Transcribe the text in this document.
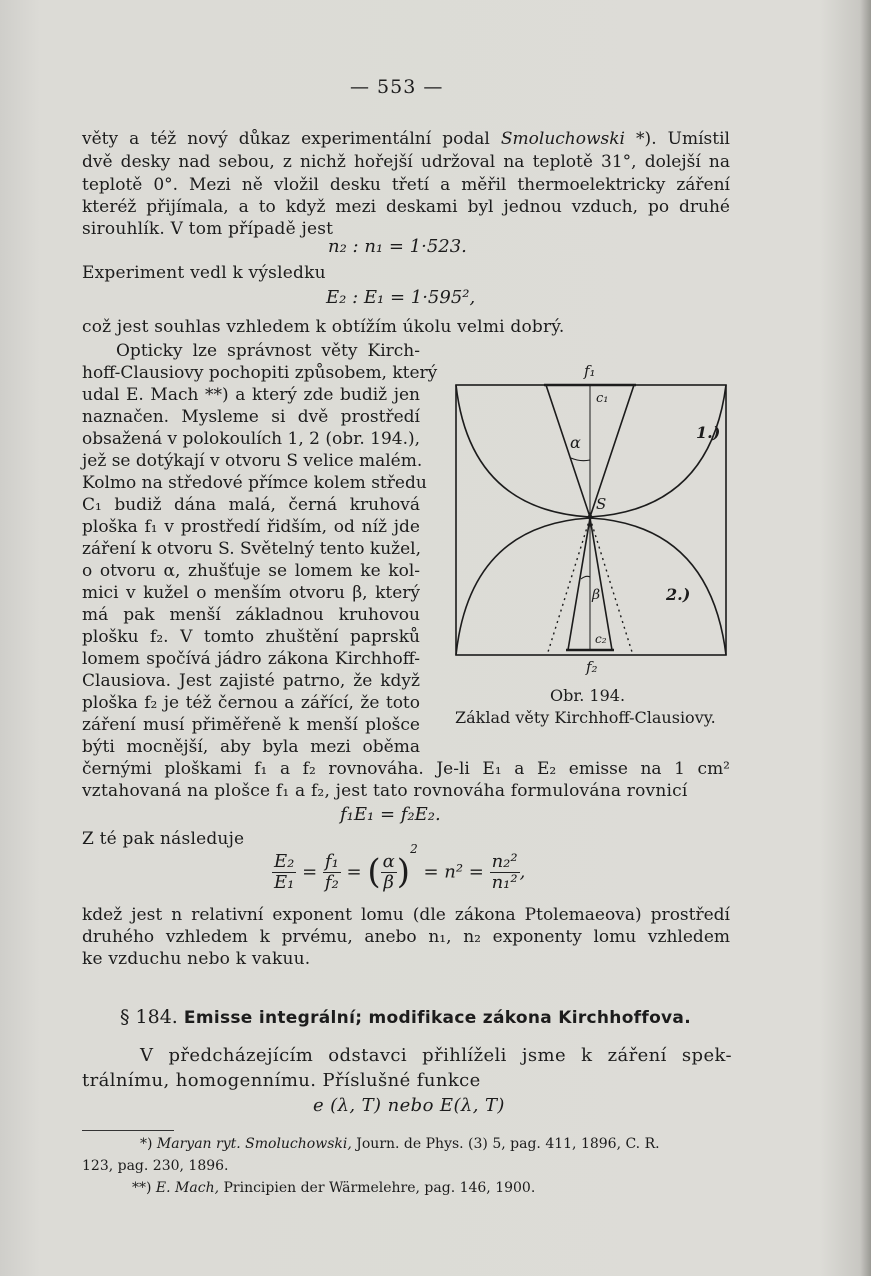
— 553 —
věty a též nový důkaz experimentální podal Smoluchowski *). Umístil
dvě desky nad sebou, z nichž hořejší udržoval na teplotě 31°, dolejší na
teplotě 0°. Mezi ně vložil desku třetí a měřil thermoelektricky záření
kteréž přijímala, a to když mezi deskami byl jednou vzduch, po druhé
sirouhlík. V tom případě jest
n₂ : n₁ = 1·523.
Experiment vedl k výsledku
E₂ : E₁ = 1·595²,
což jest souhlas vzhledem k obtížím úkolu velmi dobrý.
Opticky lze správnost věty Kirch-
hoff-Clausiovy pochopiti způsobem, který
udal E. Mach **) a který zde budiž jen
naznačen. Mysleme si dvě prostředí
obsažená v polokoulích 1, 2 (obr. 194.),
jež se dotýkají v otvoru S velice malém.
Kolmo na středové přímce kolem středu
C₁ budiž dána malá, černá kruhová
ploška f₁ v prostředí řidším, od níž jde
záření k otvoru S. Světelný tento kužel,
o otvoru α, zhušťuje se lomem ke kol-
mici v kužel o menším otvoru β, který
má pak menší základnou kruhovou
plošku f₂. V tomto zhuštění paprsků
lomem spočívá jádro zákona Kirchhoff-
Clausiova. Jest zajisté patrno, že když
ploška f₂ je též černou a zářící, že toto
záření musí přiměřeně k menší plošce
býti mocnější, aby byla mezi oběma
f₁
c₁
α
1.)
S
β	2.)
c₂
f₂
Obr. 194.
Základ věty Kirchhoff-Clausiovy.
černými ploškami f₁ a f₂ rovnováha. Je-li E₁ a E₂ emisse na 1 cm²
vztahovaná na plošce f₁ a f₂, jest tato rovnováha formulována rovnicí
f₁E₁ = f₂E₂.
Z té pak následuje
$\frac{\text{E₂}}{\text{E₁}} = \frac{\text{f₁}}{\text{f₂}}$ = ( $\frac{\alpha}{\beta} )^2 = n^2 = \frac{\text{n₂²}}{\text{n₁²}}$ ,
kdež jest n relativní exponent lomu (dle zákona Ptolemaeova) prostředí
druhého vzhledem k prvému, anebo n₁, n₂ exponenty lomu vzhledem
ke vzduchu nebo k vakuu.
§ 184. Emisse integrální; modifikace zákona Kirchhoffova.
V předcházejícím odstavci přihlíželi jsme k záření spek-
trálnímu, homogennímu. Příslušné funkce
e (λ, T) nebo E(λ, T)
*) Maryan ryt. Smoluchowski, Journ. de Phys. (3) 5, pag. 411, 1896, C. R.
123, pag. 230, 1896.
**) E. Mach, Principien der Wärmelehre, pag. 146, 1900.
